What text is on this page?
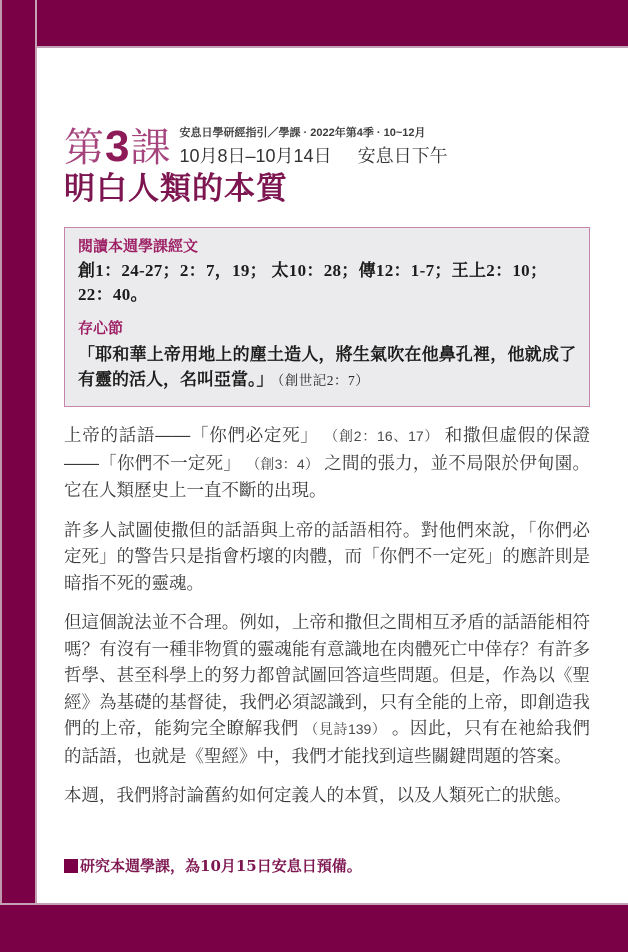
第3課 安息日學研經指引／學課 · 2022年第4季 · 10~12月
10月8日–10月14日 安息日下午
明白人類的本質
閱讀本週學課經文
創1：24-27；2：7，19； 太10：28；傳12：1-7；王上2：10；22：40。
存心節
「耶和華上帝用地上的塵土造人，將生氣吹在他鼻孔裡，他就成了有靈的活人，名叫亞當。」 （創世記2：7）

上帝的話語——「你們必定死」 （創2：16、17） 和撒但虛假的保證——「你們不一定死」 （創3：4） 之間的張力，並不局限於伊甸園。它在人類歷史上一直不斷的出現。

許多人試圖使撒但的話語與上帝的話語相符。對他們來說，「你們必定死」的警告只是指會朽壞的肉體，而「你們不一定死」的應許則是暗指不死的靈魂。

但這個說法並不合理。例如，上帝和撒但之間相互矛盾的話語能相符嗎？有沒有一種非物質的靈魂能有意識地在肉體死亡中倖存？有許多哲學、甚至科學上的努力都曾試圖回答這些問題。但是，作為以《聖經》為基礎的基督徒，我們必須認識到，只有全能的上帝，即創造我們的上帝，能夠完全瞭解我們 （見詩139） 。因此，只有在祂給我們的話語，也就是《聖經》中，我們才能找到這些關鍵問題的答案。

本週，我們將討論舊約如何定義人的本質，以及人類死亡的狀態。

研究本週學課，為10月15日安息日預備。
